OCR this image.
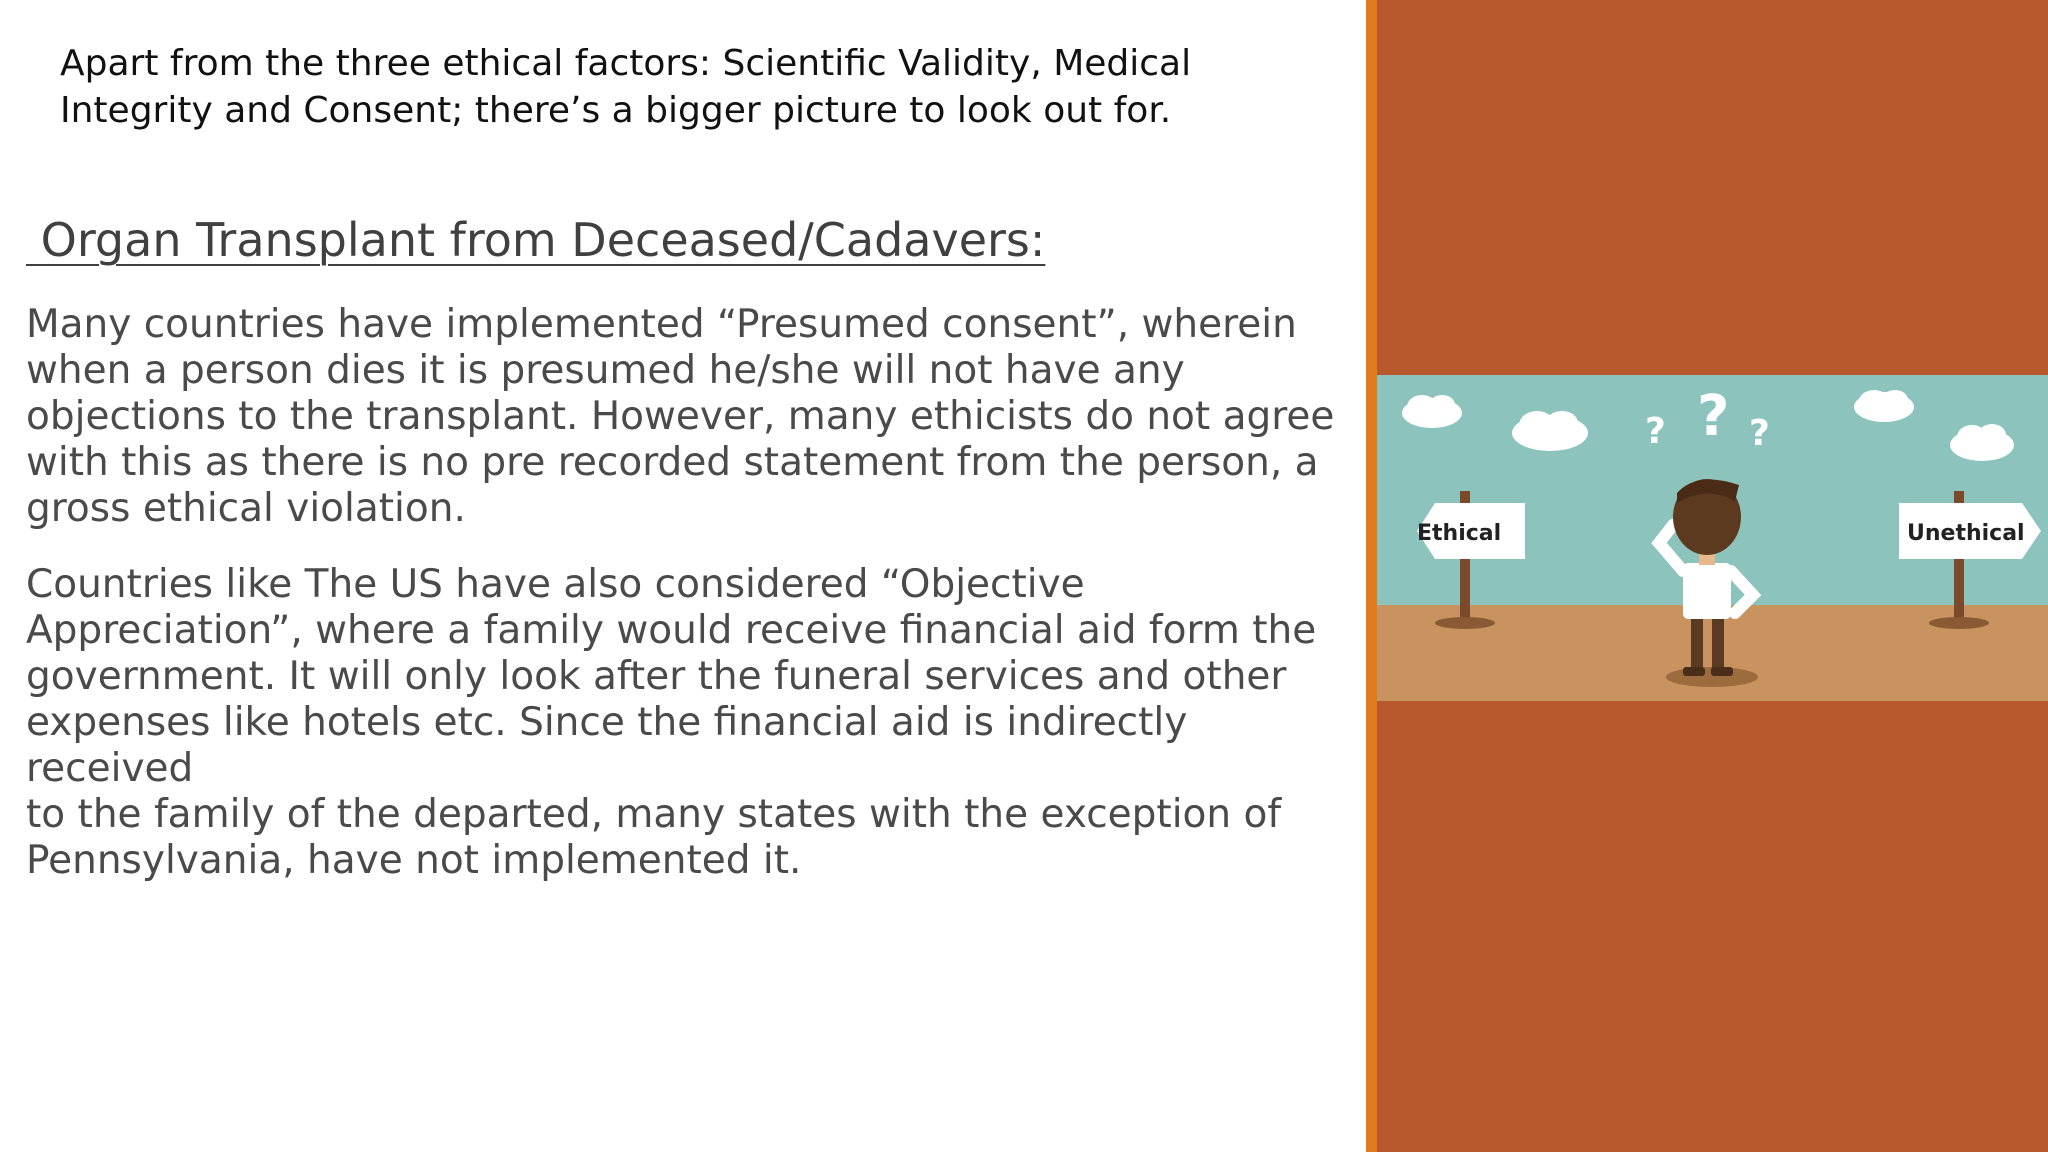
Apart from the three ethical factors: Scientific Validity, Medical Integrity and Consent; there’s a bigger picture to look out for.
Organ Transplant from Deceased/Cadavers:
Many countries have implemented “Presumed consent”, wherein
when a person dies it is presumed he/she will not have any
objections to the transplant. However, many ethicists do not agree
with this as there is no pre recorded statement from the person, a
gross ethical violation.
Countries like The US have also considered “Objective
Appreciation”, where a family would receive financial aid form the
government. It will only look after the funeral services and other
expenses like hotels etc. Since the financial aid is indirectly received
to the family of the departed, many states with the exception of
Pennsylvania, have not implemented it.
? ? ?
Ethical	Unethical
